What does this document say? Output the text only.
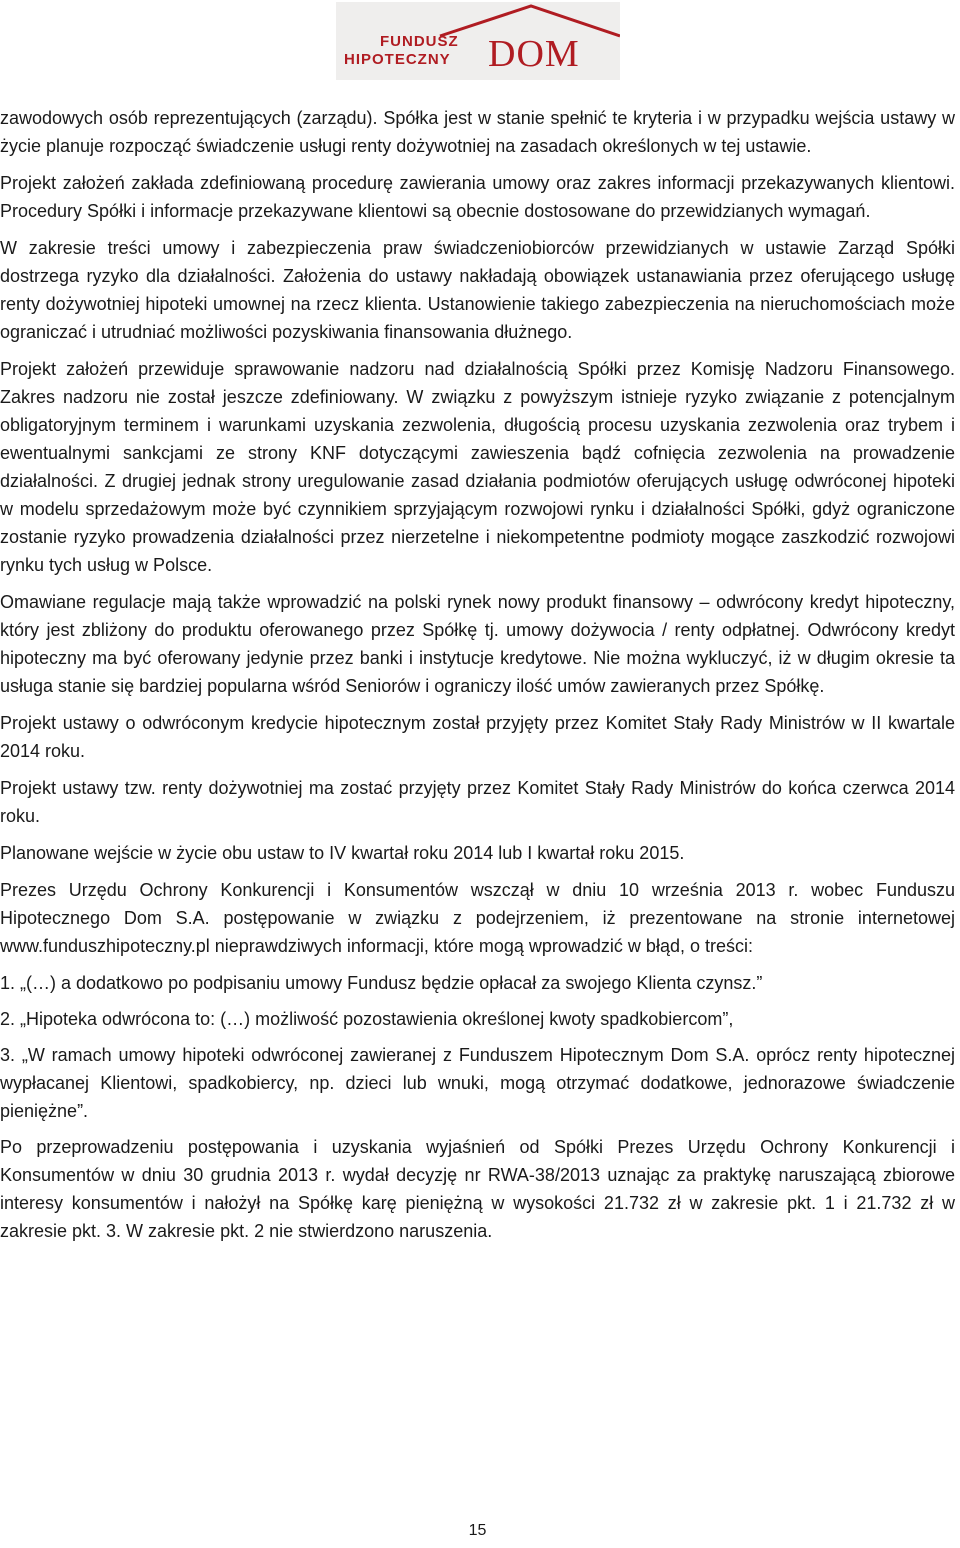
FUNDUSZ
HIPOTECZNY DOM

zawodowych osób reprezentujących (zarządu). Spółka jest w stanie spełnić te kryteria i w przypadku wejścia ustawy w życie planuje rozpocząć świadczenie usługi renty dożywotniej na zasadach określonych w tej ustawie.

Projekt założeń zakłada zdefiniowaną procedurę zawierania umowy oraz zakres informacji przekazywanych klientowi. Procedury Spółki i informacje przekazywane klientowi są obecnie dostosowane do przewidzianych wymagań.

W zakresie treści umowy i zabezpieczenia praw świadczeniobiorców przewidzianych w ustawie Zarząd Spółki dostrzega ryzyko dla działalności. Założenia do ustawy nakładają obowiązek ustanawiania przez oferującego usługę renty dożywotniej hipoteki umownej na rzecz klienta. Ustanowienie takiego zabezpieczenia na nieruchomościach może ograniczać i utrudniać możliwości pozyskiwania finansowania dłużnego.

Projekt założeń przewiduje sprawowanie nadzoru nad działalnością Spółki przez Komisję Nadzoru Finansowego. Zakres nadzoru nie został jeszcze zdefiniowany. W związku z powyższym istnieje ryzyko związanie z potencjalnym obligatoryjnym terminem i warunkami uzyskania zezwolenia, długością procesu uzyskania zezwolenia oraz trybem i ewentualnymi sankcjami ze strony KNF dotyczącymi zawieszenia bądź cofnięcia zezwolenia na prowadzenie działalności. Z drugiej jednak strony uregulowanie zasad działania podmiotów oferujących usługę odwróconej hipoteki w modelu sprzedażowym może być czynnikiem sprzyjającym rozwojowi rynku i działalności Spółki, gdyż ograniczone zostanie ryzyko prowadzenia działalności przez nierzetelne i niekompetentne podmioty mogące zaszkodzić rozwojowi rynku tych usług w Polsce.

Omawiane regulacje mają także wprowadzić na polski rynek nowy produkt finansowy – odwrócony kredyt hipoteczny, który jest zbliżony do produktu oferowanego przez Spółkę tj. umowy dożywocia / renty odpłatnej. Odwrócony kredyt hipoteczny ma być oferowany jedynie przez banki i instytucje kredytowe. Nie można wykluczyć, iż w długim okresie ta usługa stanie się bardziej popularna wśród Seniorów i ograniczy ilość umów zawieranych przez Spółkę.

Projekt ustawy o odwróconym kredycie hipotecznym został przyjęty przez Komitet Stały Rady Ministrów w II kwartale 2014 roku.

Projekt ustawy tzw. renty dożywotniej ma zostać przyjęty przez Komitet Stały Rady Ministrów do końca czerwca 2014 roku.

Planowane wejście w życie obu ustaw to IV kwartał roku 2014 lub I kwartał roku 2015.

Prezes Urzędu Ochrony Konkurencji i Konsumentów wszczął w dniu 10 września 2013 r. wobec Funduszu Hipotecznego Dom S.A. postępowanie w związku z podejrzeniem, iż prezentowane na stronie internetowej www.funduszhipoteczny.pl nieprawdziwych informacji, które mogą wprowadzić w błąd, o treści:

1. „(…) a dodatkowo po podpisaniu umowy Fundusz będzie opłacał za swojego Klienta czynsz.”

2. „Hipoteka odwrócona to: (…) możliwość pozostawienia określonej kwoty spadkobiercom”,

3. „W ramach umowy hipoteki odwróconej zawieranej z Funduszem Hipotecznym Dom S.A. oprócz renty hipotecznej wypłacanej Klientowi, spadkobiercy, np. dzieci lub wnuki, mogą otrzymać dodatkowe, jednorazowe świadczenie pieniężne”.

Po przeprowadzeniu postępowania i uzyskania wyjaśnień od Spółki Prezes Urzędu Ochrony Konkurencji i Konsumentów w dniu 30 grudnia 2013 r. wydał decyzję nr RWA-38/2013 uznając za praktykę naruszającą zbiorowe interesy konsumentów i nałożył na Spółkę karę pieniężną w wysokości 21.732 zł w zakresie pkt. 1 i 21.732 zł w zakresie pkt. 3. W zakresie pkt. 2 nie stwierdzono naruszenia.

15
